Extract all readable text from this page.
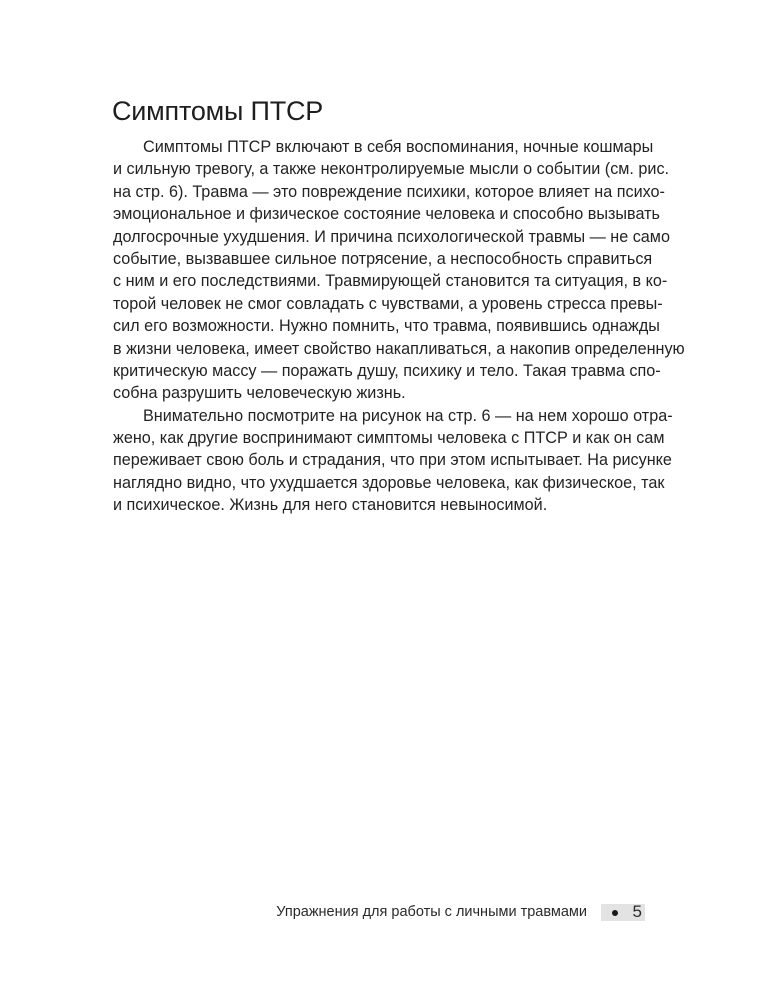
Симптомы ПТСР

Симптомы ПТСР включают в себя воспоминания, ночные кошмары
и сильную тревогу, а также неконтролируемые мысли о событии (см. рис.
на стр. 6). Травма — это повреждение психики, которое влияет на психо-
эмоциональное и физическое состояние человека и способно вызывать
долгосрочные ухудшения. И причина психологической травмы — не само
событие, вызвавшее сильное потрясение, а неспособность справиться
с ним и его последствиями. Травмирующей становится та ситуация, в ко-
торой человек не смог совладать с чувствами, а уровень стресса превы-
сил его возможности. Нужно помнить, что травма, появившись однажды
в жизни человека, имеет свойство накапливаться, а накопив определенную
критическую массу — поражать душу, психику и тело. Такая травма спо-
собна разрушить человеческую жизнь.

Внимательно посмотрите на рисунок на стр. 6 — на нем хорошо отра-
жено, как другие воспринимают симптомы человека с ПТСР и как он сам
переживает свою боль и страдания, что при этом испытывает. На рисунке
наглядно видно, что ухудшается здоровье человека, как физическое, так
и психическое. Жизнь для него становится невыносимой.

Упражнения для работы с личными травмами	5
